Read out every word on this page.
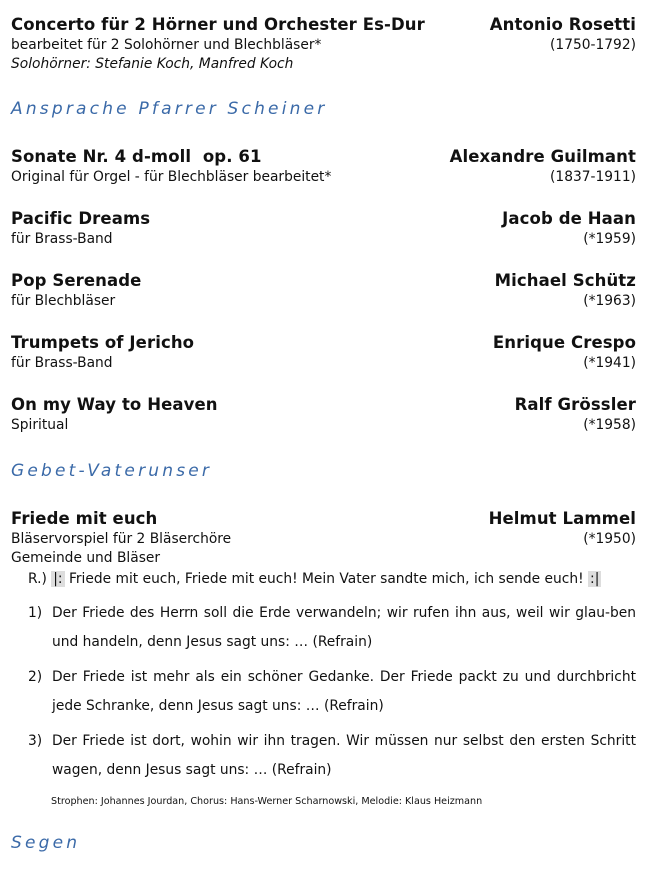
Concerto für 2 Hörner und Orchester Es-Dur	Antonio Rosetti
bearbeitet für 2 Solohörner und Blechbläser*	(1750-1792)
Solohörner: Stefanie Koch, Manfred Koch
Ansprache Pfarrer Scheiner
Sonate Nr. 4 d-moll  op. 61	Alexandre Guilmant
Original für Orgel - für Blechbläser bearbeitet*	(1837-1911)
Pacific Dreams	Jacob de Haan
für Brass-Band	(*1959)
Pop Serenade	Michael Schütz
für Blechbläser	(*1963)
Trumpets of Jericho	Enrique Crespo
für Brass-Band	(*1941)
On my Way to Heaven	Ralf Grössler
Spiritual	(*1958)
Gebet-Vaterunser
Friede mit euch	Helmut Lammel
Bläservorspiel für 2 Bläserchöre	(*1950)
Gemeinde und Bläser
R.) |: Friede mit euch, Friede mit euch! Mein Vater sandte mich, ich sende euch! :|
1) Der Friede des Herrn soll die Erde verwandeln; wir rufen ihn aus, weil wir glau-ben und handeln, denn Jesus sagt uns: … (Refrain)
2) Der Friede ist mehr als ein schöner Gedanke. Der Friede packt zu und durchbricht jede Schranke, denn Jesus sagt uns: … (Refrain)
3) Der Friede ist dort, wohin wir ihn tragen. Wir müssen nur selbst den ersten Schritt wagen, denn Jesus sagt uns: … (Refrain)
Strophen: Johannes Jourdan, Chorus: Hans-Werner Scharnowski, Melodie: Klaus Heizmann
Segen
